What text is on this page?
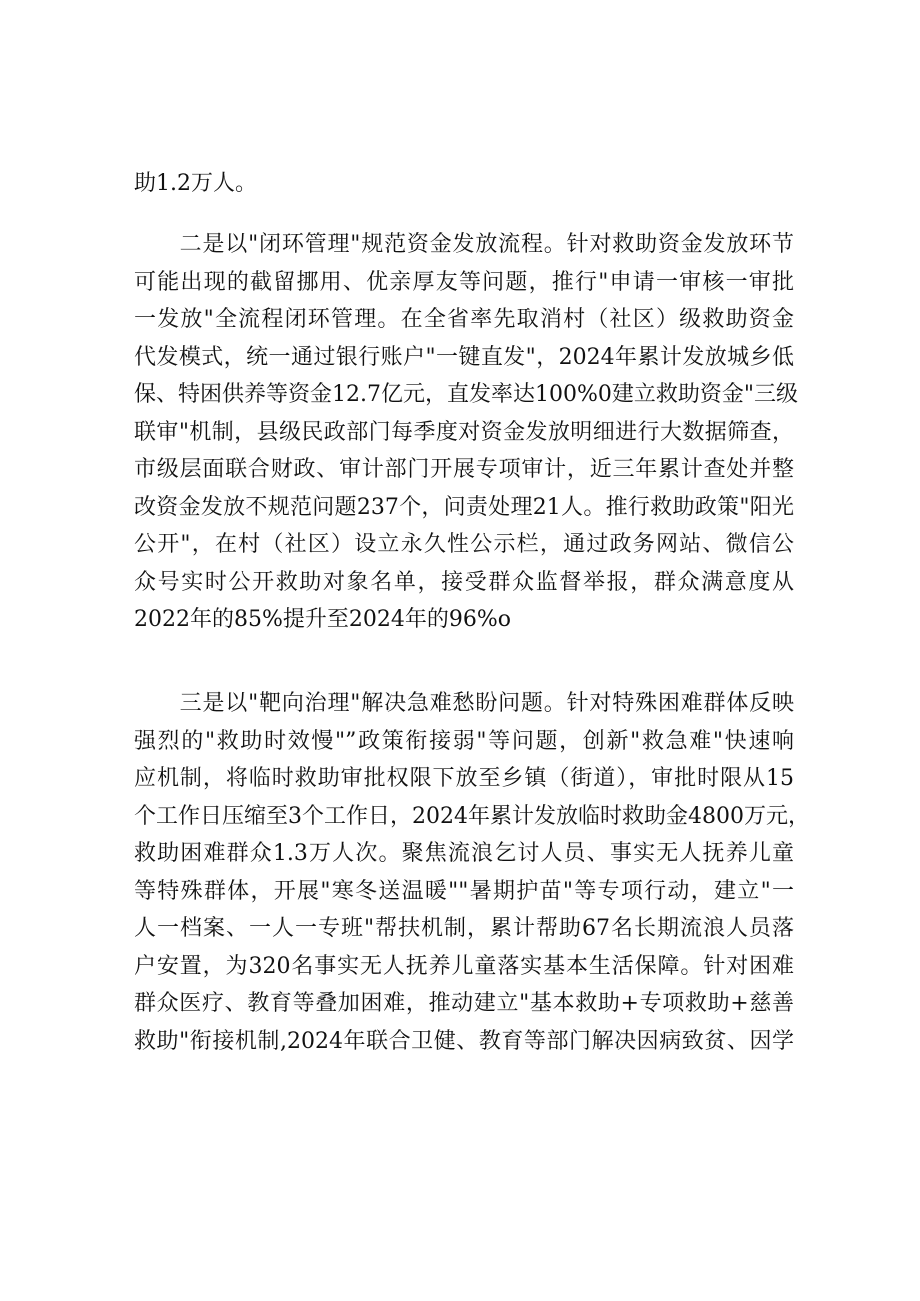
助1.2万人。
　　二是以"闭环管理"规范资金发放流程。针对救助资金发放环节
可能出现的截留挪用、优亲厚友等问题，推行"申请一审核一审批
一发放"全流程闭环管理。在全省率先取消村（社区）级救助资金
代发模式，统一通过银行账户"一键直发"，2024年累计发放城乡低
保、特困供养等资金12.7亿元，直发率达100%0建立救助资金"三级
联审"机制，县级民政部门每季度对资金发放明细进行大数据筛查，
市级层面联合财政、审计部门开展专项审计，近三年累计查处并整
改资金发放不规范问题237个，问责处理21人。推行救助政策"阳光
公开"，在村（社区）设立永久性公示栏，通过政务网站、微信公
众号实时公开救助对象名单，接受群众监督举报，群众满意度从
2022年的85%提升至2024年的96%o
　　三是以"靶向治理"解决急难愁盼问题。针对特殊困难群体反映
强烈的"救助时效慢"”政策衔接弱"等问题，创新"救急难"快速响
应机制，将临时救助审批权限下放至乡镇（街道），审批时限从15
个工作日压缩至3个工作日，2024年累计发放临时救助金4800万元，
救助困难群众1.3万人次。聚焦流浪乞讨人员、事实无人抚养儿童
等特殊群体，开展"寒冬送温暖""暑期护苗"等专项行动，建立"一
人一档案、一人一专班"帮扶机制，累计帮助67名长期流浪人员落
户安置，为320名事实无人抚养儿童落实基本生活保障。针对困难
群众医疗、教育等叠加困难，推动建立"基本救助+专项救助+慈善
救助"衔接机制,2024年联合卫健、教育等部门解决因病致贫、因学
